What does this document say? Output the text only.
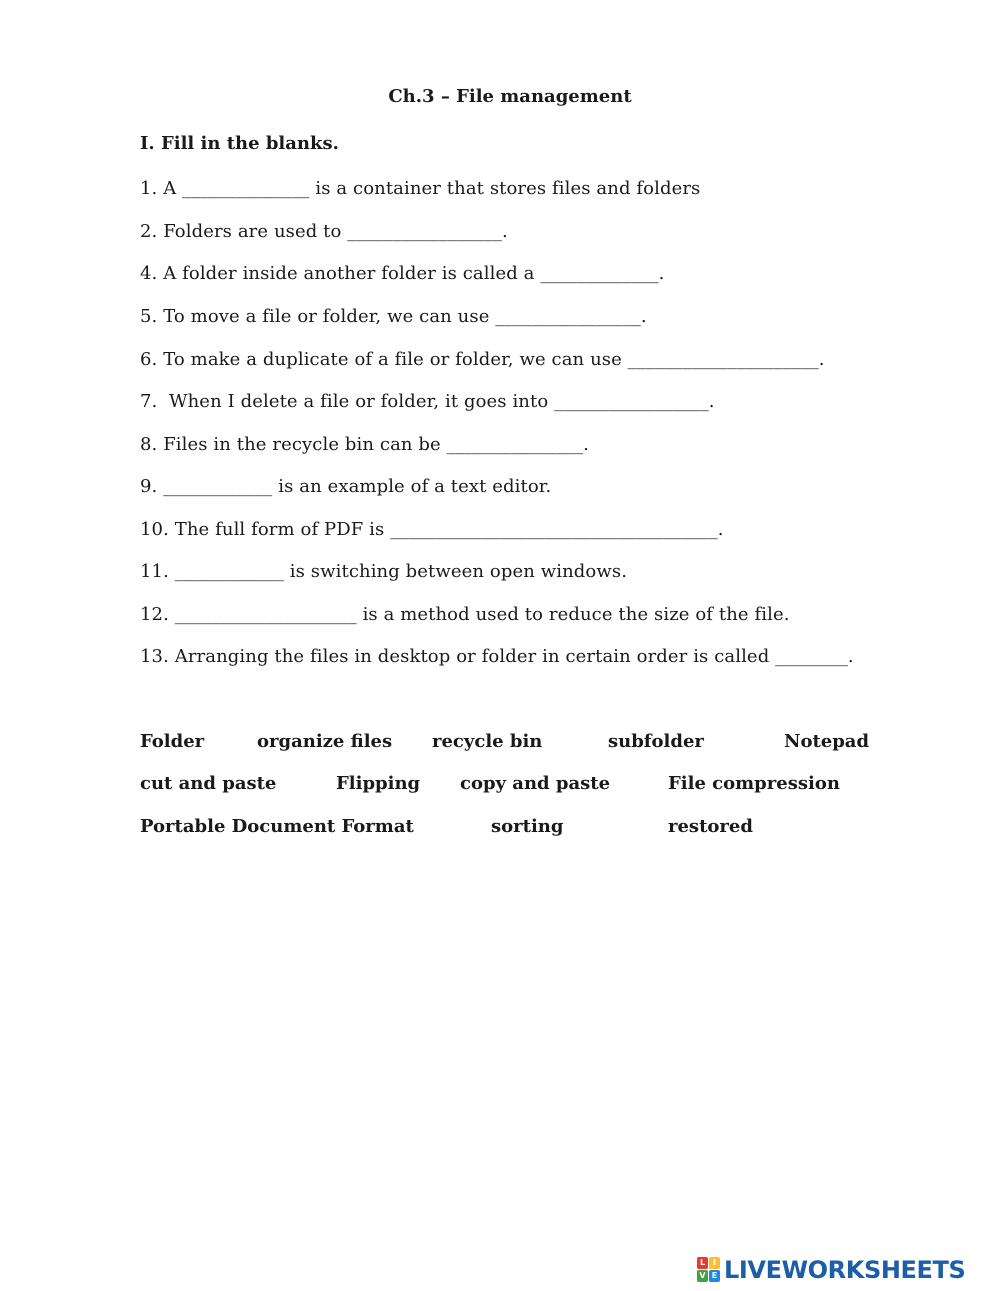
Ch.3 – File management
I. Fill in the blanks.
1. A ______________ is a container that stores files and folders
2. Folders are used to _________________.
4. A folder inside another folder is called a _____________.
5. To move a file or folder, we can use ________________.
6. To make a duplicate of a file or folder, we can use _____________________.
7.  When I delete a file or folder, it goes into _________________.
8. Files in the recycle bin can be _______________.
9. ____________ is an example of a text editor.
10. The full form of PDF is ____________________________________.
11. ____________ is switching between open windows.
12. ____________________ is a method used to reduce the size of the file.
13. Arranging the files in desktop or folder in certain order is called ________.
Folder	organize files recycle bin	subfolder	Notepad
cut and paste	Flipping copy and paste	File compression
Portable Document Format	sorting	restored
L I
V E LIVEWORKSHEETS
